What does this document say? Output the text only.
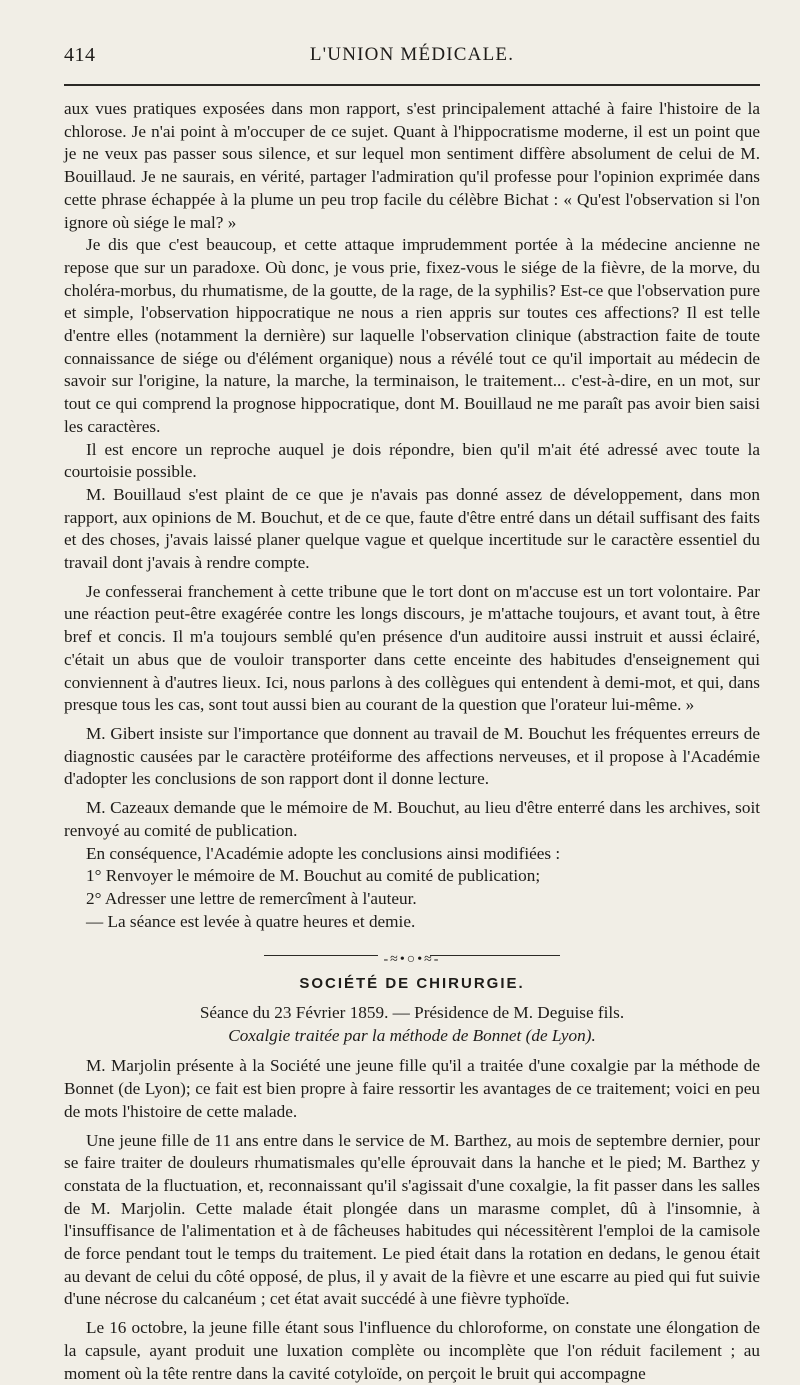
414	L'UNION MÉDICALE.

aux vues pratiques exposées dans mon rapport, s'est principalement attaché à faire l'histoire de la chlorose. Je n'ai point à m'occuper de ce sujet. Quant à l'hippocratisme moderne, il est un point que je ne veux pas passer sous silence, et sur lequel mon sentiment diffère absolument de celui de M. Bouillaud. Je ne saurais, en vérité, partager l'admiration qu'il professe pour l'opinion exprimée dans cette phrase échappée à la plume un peu trop facile du célèbre Bichat : « Qu'est l'observation si l'on ignore où siége le mal? »

Je dis que c'est beaucoup, et cette attaque imprudemment portée à la médecine ancienne ne repose que sur un paradoxe. Où donc, je vous prie, fixez-vous le siége de la fièvre, de la morve, du choléra-morbus, du rhumatisme, de la goutte, de la rage, de la syphilis? Est-ce que l'observation pure et simple, l'observation hippocratique ne nous a rien appris sur toutes ces affections? Il est telle d'entre elles (notamment la dernière) sur laquelle l'observation clinique (abstraction faite de toute connaissance de siége ou d'élément organique) nous a révélé tout ce qu'il importait au médecin de savoir sur l'origine, la nature, la marche, la terminaison, le traitement... c'est-à-dire, en un mot, sur tout ce qui comprend la prognose hippocratique, dont M. Bouillaud ne me paraît pas avoir bien saisi les caractères.

Il est encore un reproche auquel je dois répondre, bien qu'il m'ait été adressé avec toute la courtoisie possible.

M. Bouillaud s'est plaint de ce que je n'avais pas donné assez de développement, dans mon rapport, aux opinions de M. Bouchut, et de ce que, faute d'être entré dans un détail suffisant des faits et des choses, j'avais laissé planer quelque vague et quelque incertitude sur le caractère essentiel du travail dont j'avais à rendre compte.

Je confesserai franchement à cette tribune que le tort dont on m'accuse est un tort volontaire. Par une réaction peut-être exagérée contre les longs discours, je m'attache toujours, et avant tout, à être bref et concis. Il m'a toujours semblé qu'en présence d'un auditoire aussi instruit et aussi éclairé, c'était un abus que de vouloir transporter dans cette enceinte des habitudes d'enseignement qui conviennent à d'autres lieux. Ici, nous parlons à des collègues qui entendent à demi-mot, et qui, dans presque tous les cas, sont tout aussi bien au courant de la question que l'orateur lui-même. »

M. Gibert insiste sur l'importance que donnent au travail de M. Bouchut les fréquentes erreurs de diagnostic causées par le caractère protéiforme des affections nerveuses, et il propose à l'Académie d'adopter les conclusions de son rapport dont il donne lecture.

M. Cazeaux demande que le mémoire de M. Bouchut, au lieu d'être enterré dans les archives, soit renvoyé au comité de publication.

En conséquence, l'Académie adopte les conclusions ainsi modifiées :

1° Renvoyer le mémoire de M. Bouchut au comité de publication;

2° Adresser une lettre de remercîment à l'auteur.

— La séance est levée à quatre heures et demie.

-≈•○•≈-
SOCIÉTÉ DE CHIRURGIE.
Séance du 23 Février 1859. — Présidence de M. Deguise fils.
Coxalgie traitée par la méthode de Bonnet (de Lyon).

M. Marjolin présente à la Société une jeune fille qu'il a traitée d'une coxalgie par la méthode de Bonnet (de Lyon); ce fait est bien propre à faire ressortir les avantages de ce traitement; voici en peu de mots l'histoire de cette malade.

Une jeune fille de 11 ans entre dans le service de M. Barthez, au mois de septembre dernier, pour se faire traiter de douleurs rhumatismales qu'elle éprouvait dans la hanche et le pied; M. Barthez y constata de la fluctuation, et, reconnaissant qu'il s'agissait d'une coxalgie, la fit passer dans les salles de M. Marjolin. Cette malade était plongée dans un marasme complet, dû à l'insomnie, à l'insuffisance de l'alimentation et à de fâcheuses habitudes qui nécessitèrent l'emploi de la camisole de force pendant tout le temps du traitement. Le pied était dans la rotation en dedans, le genou était au devant de celui du côté opposé, de plus, il y avait de la fièvre et une escarre au pied qui fut suivie d'une nécrose du calcanéum ; cet état avait succédé à une fièvre typhoïde.

Le 16 octobre, la jeune fille étant sous l'influence du chloroforme, on constate une élongation de la capsule, ayant produit une luxation complète ou incomplète que l'on réduit facilement ; au moment où la tête rentre dans la cavité cotyloïde, on perçoit le bruit qui accompagne
